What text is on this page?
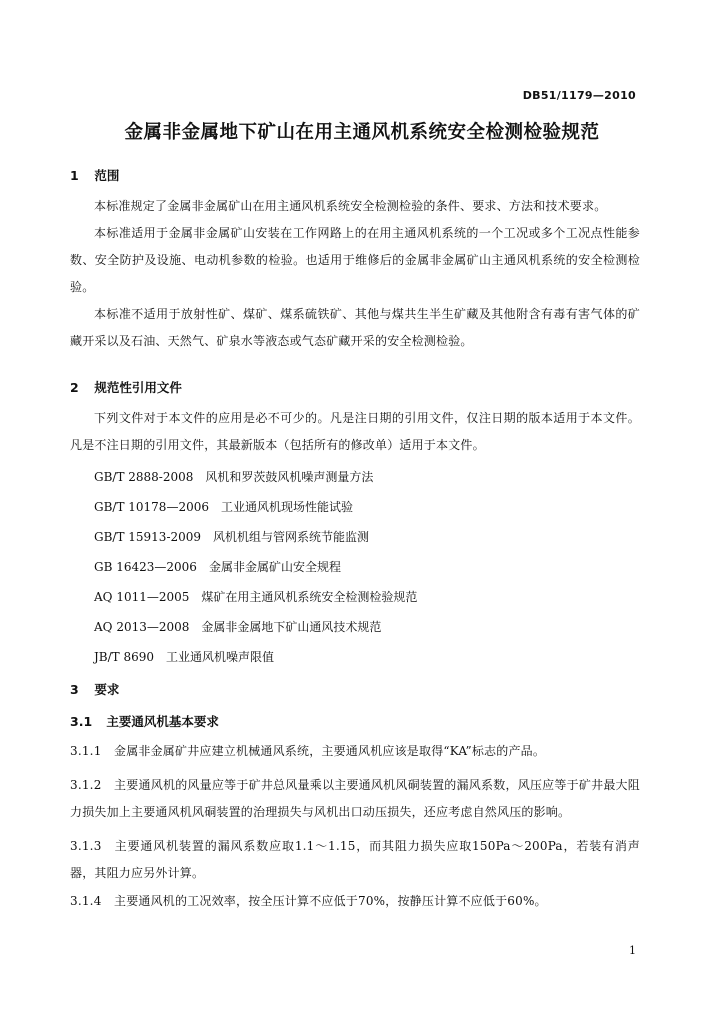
DB51/1179—2010
金属非金属地下矿山在用主通风机系统安全检测检验规范
1 范围
本标准规定了金属非金属矿山在用主通风机系统安全检测检验的条件、要求、方法和技术要求。
本标准适用于金属非金属矿山安装在工作网路上的在用主通风机系统的一个工况或多个工况点性能参数、安全防护及设施、电动机参数的检验。也适用于维修后的金属非金属矿山主通风机系统的安全检测检验。
本标准不适用于放射性矿、煤矿、煤系硫铁矿、其他与煤共生半生矿藏及其他附含有毒有害气体的矿藏开采以及石油、天然气、矿泉水等液态或气态矿藏开采的安全检测检验。
2 规范性引用文件
下列文件对于本文件的应用是必不可少的。凡是注日期的引用文件，仅注日期的版本适用于本文件。凡是不注日期的引用文件，其最新版本（包括所有的修改单）适用于本文件。
GB/T 2888-2008 风机和罗茨鼓风机噪声测量方法
GB/T 10178—2006 工业通风机现场性能试验
GB/T 15913-2009 风机机组与管网系统节能监测
GB 16423—2006 金属非金属矿山安全规程
AQ 1011—2005 煤矿在用主通风机系统安全检测检验规范
AQ 2013—2008 金属非金属地下矿山通风技术规范
JB/T 8690 工业通风机噪声限值
3 要求
3.1 主要通风机基本要求
3.1.1 金属非金属矿井应建立机械通风系统，主要通风机应该是取得“KA”标志的产品。
3.1.2 主要通风机的风量应等于矿井总风量乘以主要通风机风硐装置的漏风系数，风压应等于矿井最大阻力损失加上主要通风机风硐装置的治理损失与风机出口动压损失，还应考虑自然风压的影响。
3.1.3 主要通风机装置的漏风系数应取1.1～1.15，而其阻力损失应取150Pa～200Pa，若装有消声器，其阻力应另外计算。
3.1.4 主要通风机的工况效率，按全压计算不应低于70%，按静压计算不应低于60%。
1
